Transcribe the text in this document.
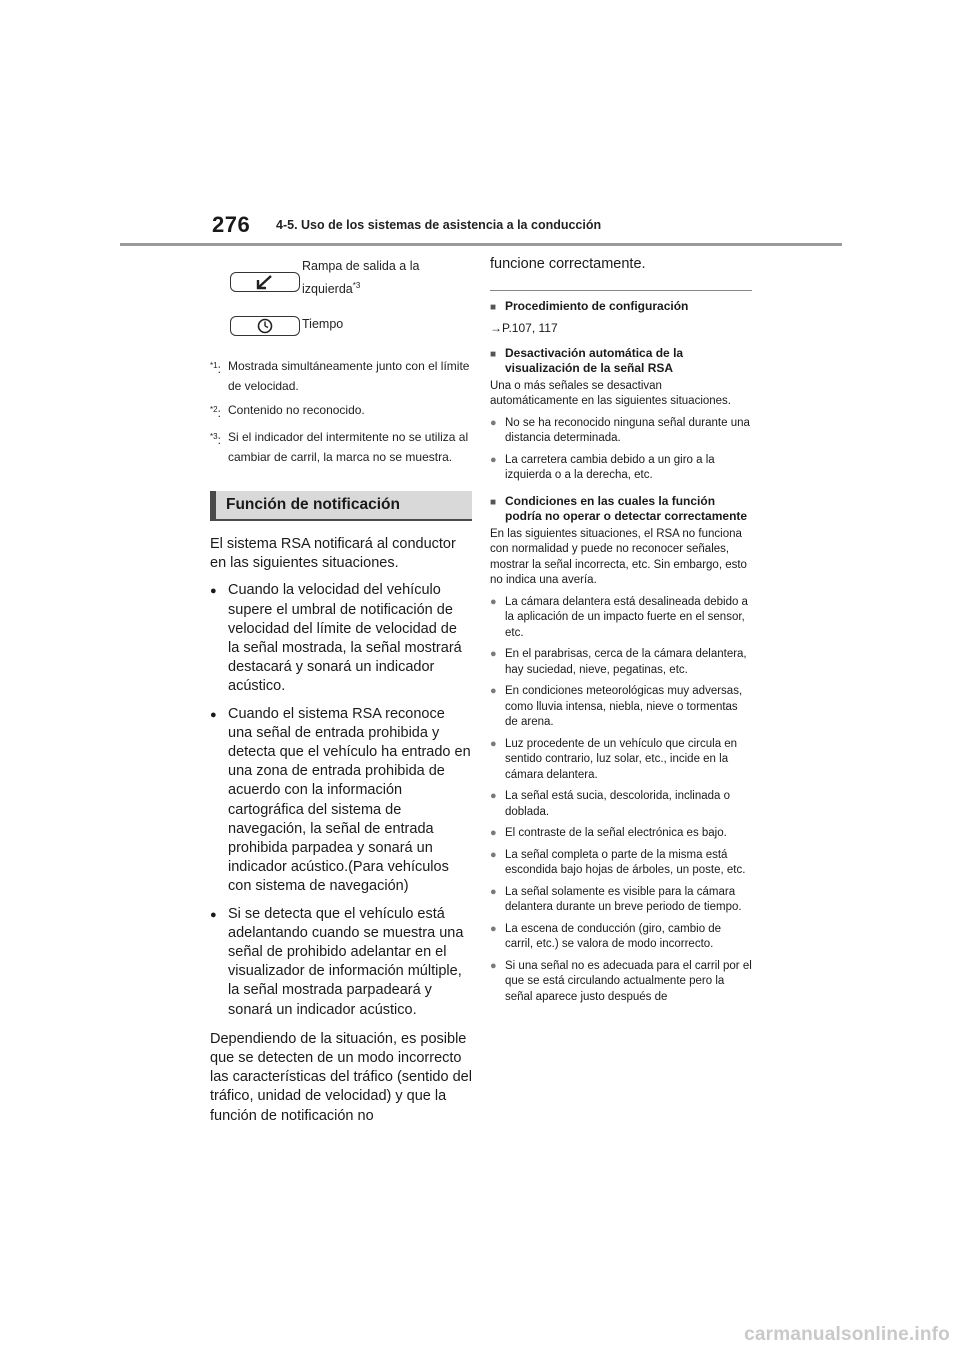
276 4-5. Uso de los sistemas de asistencia a la conducción
Rampa de salida a la izquierda$^{*3}$
Tiempo
$^{*1}$: Mostrada simultáneamente junto con el límite de velocidad.
$^{*2}$: Contenido no reconocido.
$^{*3}$: Si el indicador del intermitente no se utiliza al cambiar de carril, la marca no se muestra.
Función de notificación
El sistema RSA notificará al conductor en las siguientes situaciones.
● Cuando la velocidad del vehículo supere el umbral de notificación de velocidad del límite de velocidad de la señal mostrada, la señal mostrará destacará y sonará un indicador acústico.
● Cuando el sistema RSA reconoce una señal de entrada prohibida y detecta que el vehículo ha entrado en una zona de entrada prohibida de acuerdo con la información cartográfica del sistema de navegación, la señal de entrada prohibida parpadea y sonará un indicador acústico.(Para vehículos con sistema de navegación)
● Si se detecta que el vehículo está adelantando cuando se muestra una señal de prohibido adelantar en el visualizador de información múltiple, la señal mostrada parpadeará y sonará un indicador acústico.
Dependiendo de la situación, es posible que se detecten de un modo incorrecto las características del tráfico (sentido del tráfico, unidad de velocidad) y que la función de notificación no
funcione correctamente.
■ Procedimiento de configuración
→P.107, 117
■ Desactivación automática de la visualización de la señal RSA
Una o más señales se desactivan automáticamente en las siguientes situaciones.
● No se ha reconocido ninguna señal durante una distancia determinada.
● La carretera cambia debido a un giro a la izquierda o a la derecha, etc.
■ Condiciones en las cuales la función podría no operar o detectar correctamente
En las siguientes situaciones, el RSA no funciona con normalidad y puede no reconocer señales, mostrar la señal incorrecta, etc. Sin embargo, esto no indica una avería.
● La cámara delantera está desalineada debido a la aplicación de un impacto fuerte en el sensor, etc.
● En el parabrisas, cerca de la cámara delantera, hay suciedad, nieve, pegatinas, etc.
● En condiciones meteorológicas muy adversas, como lluvia intensa, niebla, nieve o tormentas de arena.
● Luz procedente de un vehículo que circula en sentido contrario, luz solar, etc., incide en la cámara delantera.
● La señal está sucia, descolorida, inclinada o doblada.
● El contraste de la señal electrónica es bajo.
● La señal completa o parte de la misma está escondida bajo hojas de árboles, un poste, etc.
● La señal solamente es visible para la cámara delantera durante un breve periodo de tiempo.
● La escena de conducción (giro, cambio de carril, etc.) se valora de modo incorrecto.
● Si una señal no es adecuada para el carril por el que se está circulando actualmente pero la señal aparece justo después de
carmanualsonline.info
